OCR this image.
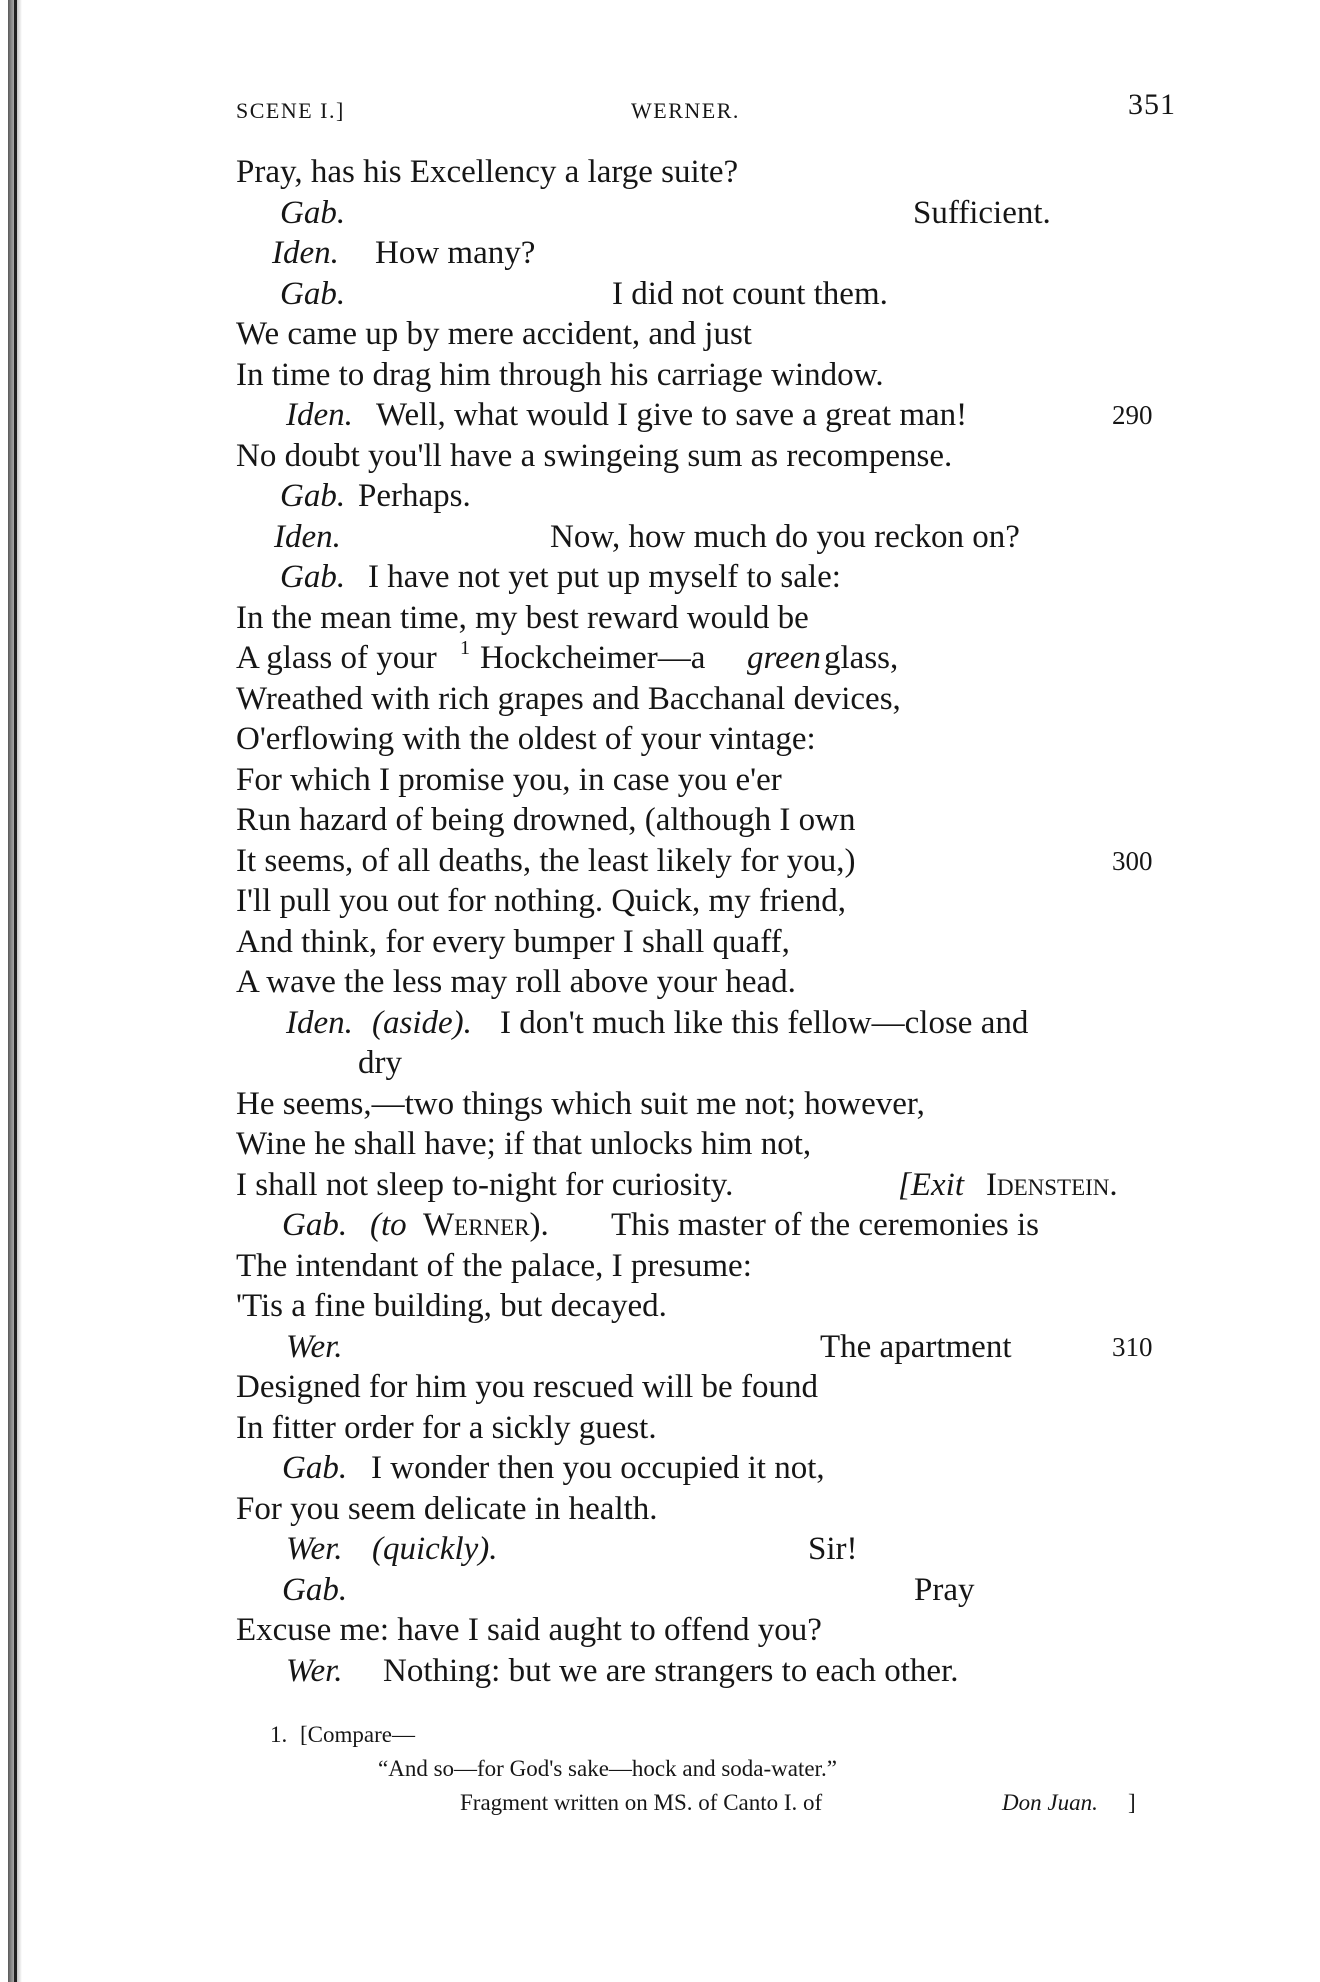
SCENE I.]	WERNER.	351
Pray, has his Excellency a large suite?
Gab.	Sufficient.
Iden. How many?
Gab.	I did not count them.
We came up by mere accident, and just
In time to drag him through his carriage window.
Iden. Well, what would I give to save a great man!	290
No doubt you'll have a swingeing sum as recompense.
Gab. Perhaps.
Iden.	Now, how much do you reckon on?
Gab. I have not yet put up myself to sale:
In the mean time, my best reward would be
A glass of your 1 Hockcheimer—a green glass,
Wreathed with rich grapes and Bacchanal devices,
O'erflowing with the oldest of your vintage:
For which I promise you, in case you e'er
Run hazard of being drowned, (although I own
It seems, of all deaths, the least likely for you,)	300
I'll pull you out for nothing. Quick, my friend,
And think, for every bumper I shall quaff,
A wave the less may roll above your head.
Iden. (aside). I don't much like this fellow—close and
dry
He seems,—two things which suit me not; however,
Wine he shall have; if that unlocks him not,
I shall not sleep to-night for curiosity.	[Exit Idenstein.
Gab. (to Werner). This master of the ceremonies is
The intendant of the palace, I presume:
'Tis a fine building, but decayed.
Wer.	The apartment	310
Designed for him you rescued will be found
In fitter order for a sickly guest.
Gab. I wonder then you occupied it not,
For you seem delicate in health.
Wer. (quickly).	Sir!
Gab.	Pray
Excuse me: have I said aught to offend you?
Wer. Nothing: but we are strangers to each other.
1. [Compare—
“And so—for God's sake—hock and soda-water.”
Fragment written on MS. of Canto I. of	Don Juan. ]
